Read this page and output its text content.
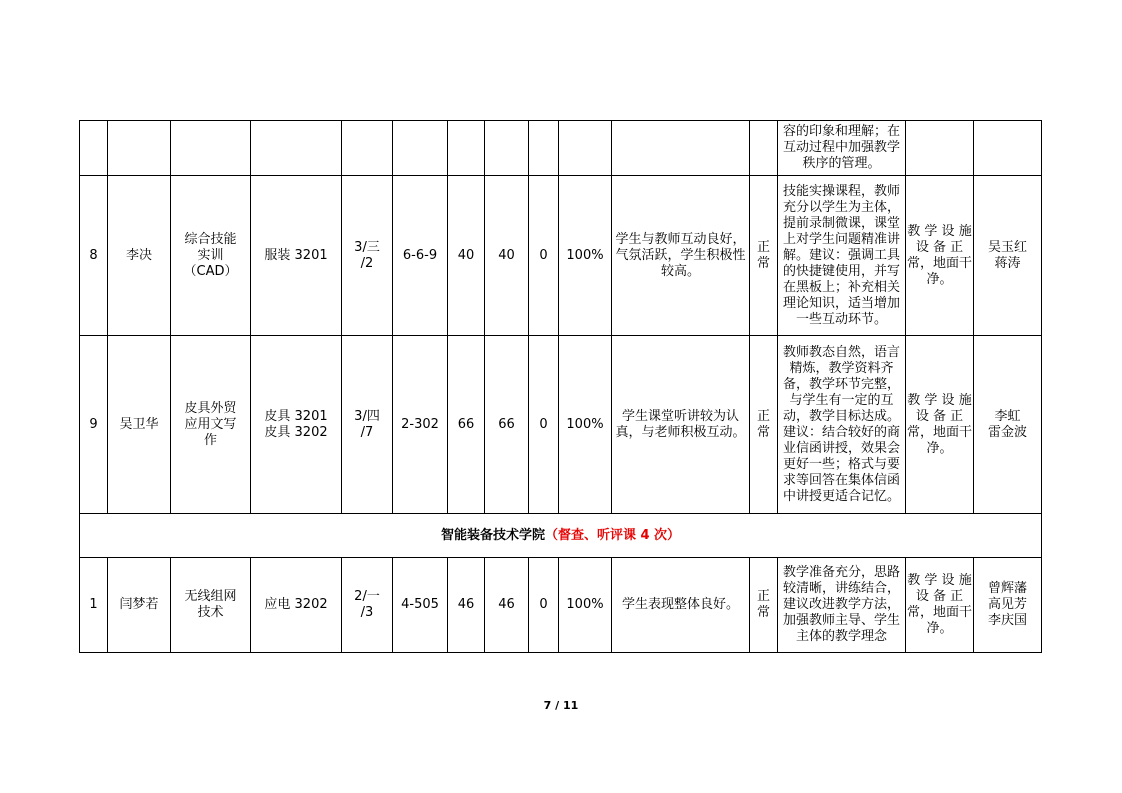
												容的印象和理解；在互动过程中加强教学秩序的管理。		
8	李决	综合技能
实训
（CAD）	服装 3201	3/三
/2	6-6-9	40	40	0	100%	学生与教师互动良好，气氛活跃，学生积极性较高。	正常	技能实操课程，教师充分以学生为主体，提前录制微课，课堂上对学生问题精准讲解。建议：强调工具的快捷键使用，并写在黑板上；补充相关理论知识，适当增加一些互动环节。	教 学 设 施 设 备 正常，地面干净。	吴玉红
蒋涛
9	吴卫华	皮具外贸
应用文写
作	皮具 3201
皮具 3202	3/四
/7	2-302	66	66	0	100%	学生课堂听讲较为认真，与老师积极互动。	正常	教师教态自然，语言精炼，教学资料齐备，教学环节完整，与学生有一定的互动，教学目标达成。建议：结合较好的商业信函讲授，效果会更好一些；格式与要求等回答在集体信函中讲授更适合记忆。	教 学 设 施 设 备 正常，地面干净。	李虹
雷金波
智能装备技术学院（督查、听评课 4 次）														
1	闫梦若	无线组网
技术	应电 3202	2/一
/3	4-505	46	46	0	100%	学生表现整体良好。	正常	教学准备充分，思路较清晰，讲练结合，建议改进教学方法，加强教师主导、学生主体的教学理念	教 学 设 施 设 备 正常，地面干净。	曾辉藩
高见芳
李庆国
7 / 11
